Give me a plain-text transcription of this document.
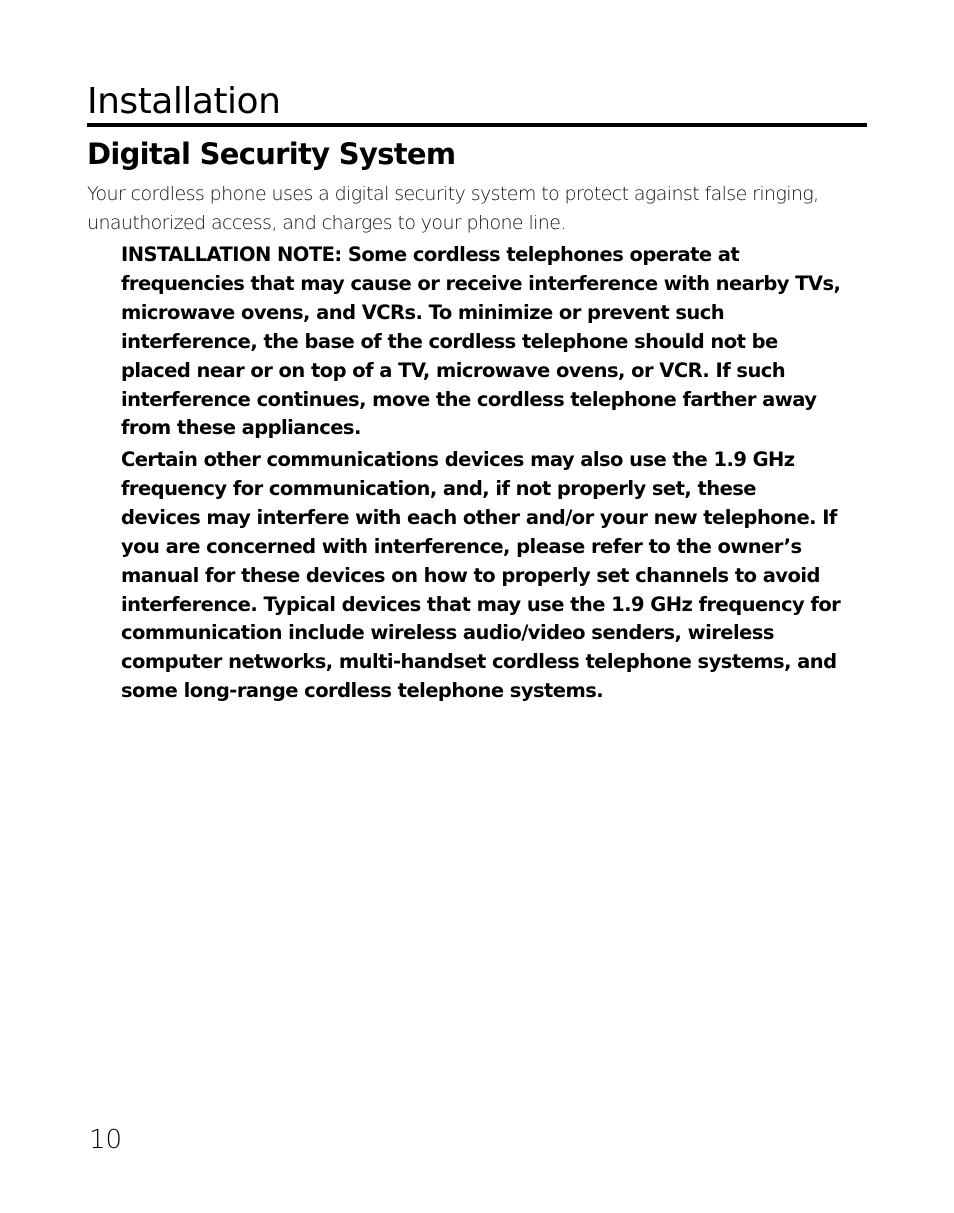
Installation
Digital Security System

Your cordless phone uses a digital security system to protect against false ringing, unauthorized access, and charges to your phone line.

INSTALLATION NOTE: Some cordless telephones operate at frequencies that may cause or receive interference with nearby TVs, microwave ovens, and VCRs. To minimize or prevent such interference, the base of the cordless telephone should not be placed near or on top of a TV, microwave ovens, or VCR. If such interference continues, move the cordless telephone farther away from these appliances.

Certain other communications devices may also use the 1.9 GHz frequency for communication, and, if not properly set, these devices may interfere with each other and/or your new telephone. If you are concerned with interference, please refer to the owner’s manual for these devices on how to properly set channels to avoid interference. Typical devices that may use the 1.9 GHz frequency for communication include wireless audio/video senders, wireless computer networks, multi-handset cordless telephone systems, and some long-range cordless telephone systems.

10
